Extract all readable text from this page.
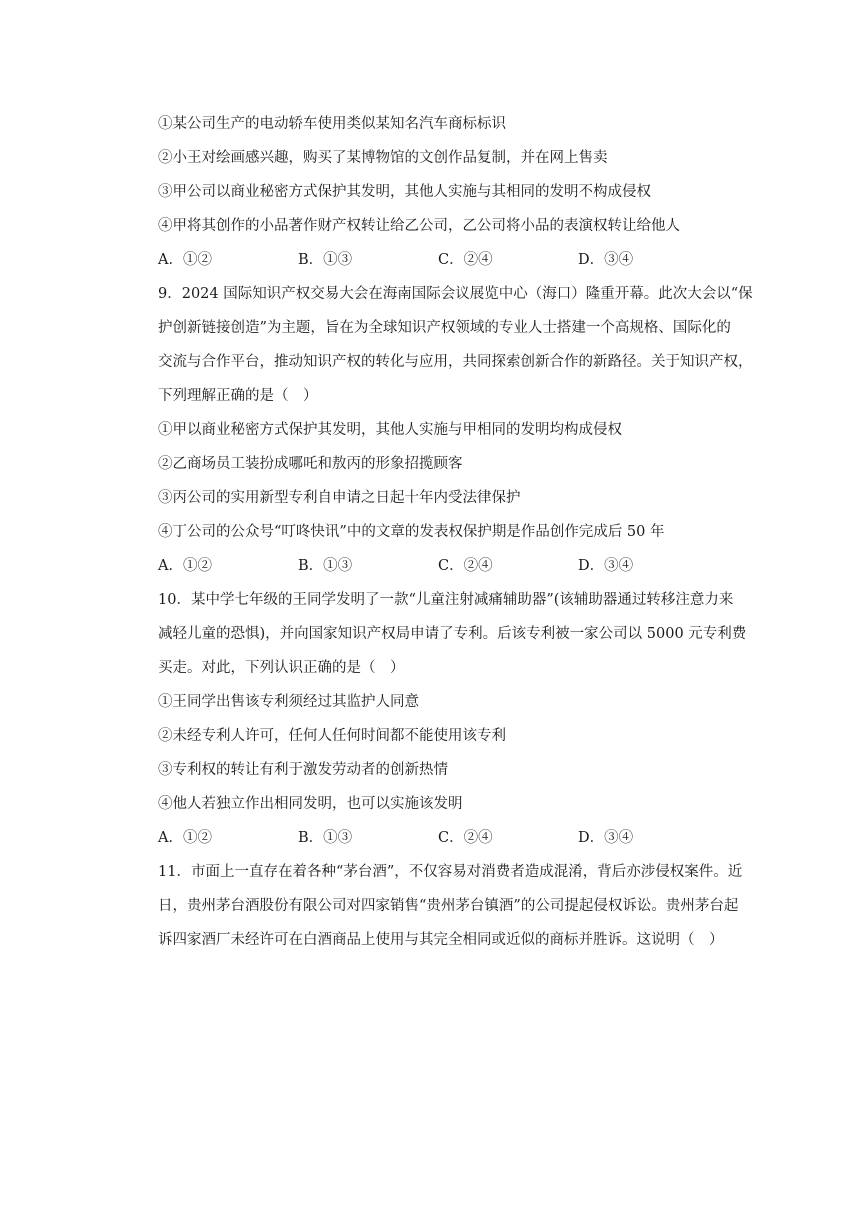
①某公司生产的电动轿车使用类似某知名汽车商标标识
②小王对绘画感兴趣，购买了某博物馆的文创作品复制，并在网上售卖
③甲公司以商业秘密方式保护其发明，其他人实施与其相同的发明不构成侵权
④甲将其创作的小品著作财产权转让给乙公司，乙公司将小品的表演权转让给他人
A．①②	B．①③	C．②④	D．③④
9．2024 国际知识产权交易大会在海南国际会议展览中心（海口）隆重开幕。此次大会以“保
护创新链接创造”为主题，旨在为全球知识产权领域的专业人士搭建一个高规格、国际化的
交流与合作平台，推动知识产权的转化与应用，共同探索创新合作的新路径。关于知识产权，
下列理解正确的是（　）
①甲以商业秘密方式保护其发明，其他人实施与甲相同的发明均构成侵权
②乙商场员工装扮成哪吒和敖丙的形象招揽顾客
③丙公司的实用新型专利自申请之日起十年内受法律保护
④丁公司的公众号“叮咚快讯”中的文章的发表权保护期是作品创作完成后 50 年
A．①②	B．①③	C．②④	D．③④
10．某中学七年级的王同学发明了一款“儿童注射减痛辅助器”(该辅助器通过转移注意力来
减轻儿童的恐惧)，并向国家知识产权局申请了专利。后该专利被一家公司以 5000 元专利费
买走。对此，下列认识正确的是（　）
①王同学出售该专利须经过其监护人同意
②未经专利人许可，任何人任何时间都不能使用该专利
③专利权的转让有利于激发劳动者的创新热情
④他人若独立作出相同发明，也可以实施该发明
A．①②	B．①③	C．②④	D．③④
11．市面上一直存在着各种“茅台酒”，不仅容易对消费者造成混淆，背后亦涉侵权案件。近
日，贵州茅台酒股份有限公司对四家销售“贵州茅台镇酒”的公司提起侵权诉讼。贵州茅台起
诉四家酒厂未经许可在白酒商品上使用与其完全相同或近似的商标并胜诉。这说明（　）
